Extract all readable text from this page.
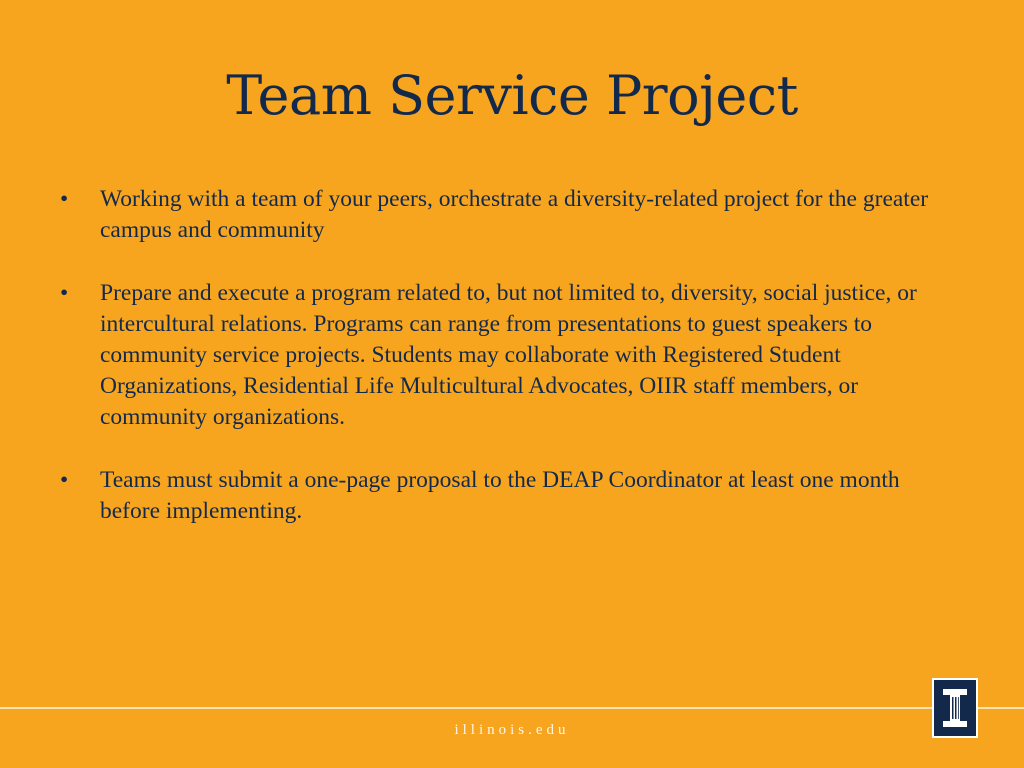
Team Service Project
•	Working with a team of your peers, orchestrate a diversity-related project for the greater campus and community
•	Prepare and execute a program related to, but not limited to, diversity, social justice, or intercultural relations. Programs can range from presentations to guest speakers to community service projects. Students may collaborate with Registered Student Organizations, Residential Life Multicultural Advocates, OIIR staff members, or community organizations.
•	Teams must submit a one-page proposal to the DEAP Coordinator at least one month before implementing.
illinois.edu
